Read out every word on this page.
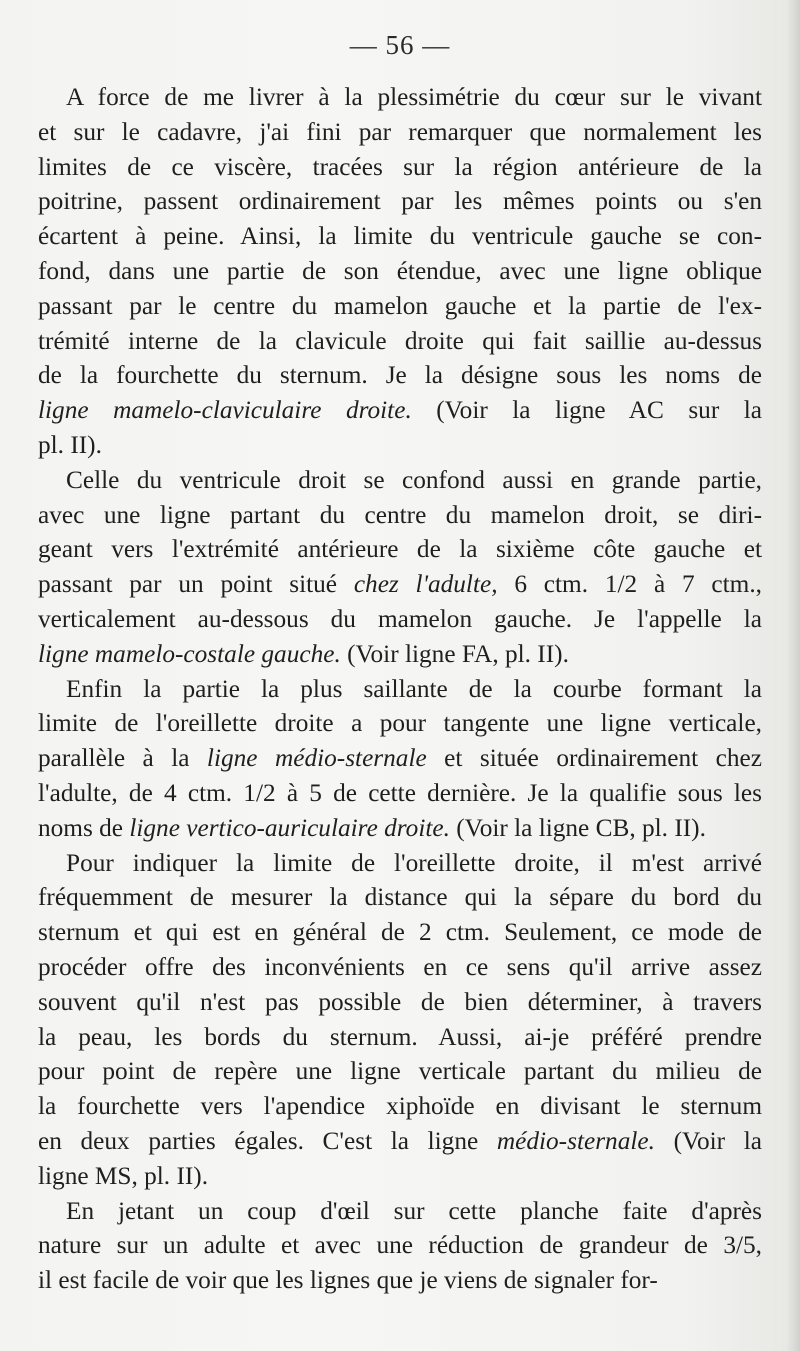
— 56 —
A force de me livrer à la plessimétrie du cœur sur le vivant
et sur le cadavre, j'ai fini par remarquer que normalement les
limites de ce viscère, tracées sur la région antérieure de la
poitrine, passent ordinairement par les mêmes points ou s'en
écartent à peine. Ainsi, la limite du ventricule gauche se con-
fond, dans une partie de son étendue, avec une ligne oblique
passant par le centre du mamelon gauche et la partie de l'ex-
trémité interne de la clavicule droite qui fait saillie au-dessus
de la fourchette du sternum. Je la désigne sous les noms de
ligne mamelo-claviculaire droite. (Voir la ligne AC sur la
pl. II).
Celle du ventricule droit se confond aussi en grande partie,
avec une ligne partant du centre du mamelon droit, se diri-
geant vers l'extrémité antérieure de la sixième côte gauche et
passant par un point situé chez l'adulte, 6 ctm. 1/2 à 7 ctm.,
verticalement au-dessous du mamelon gauche. Je l'appelle la
ligne mamelo-costale gauche. (Voir ligne FA, pl. II).
Enfin la partie la plus saillante de la courbe formant la
limite de l'oreillette droite a pour tangente une ligne verticale,
parallèle à la ligne médio-sternale et située ordinairement chez
l'adulte, de 4 ctm. 1/2 à 5 de cette dernière. Je la qualifie sous les
noms de ligne vertico-auriculaire droite. (Voir la ligne CB, pl. II).
Pour indiquer la limite de l'oreillette droite, il m'est arrivé
fréquemment de mesurer la distance qui la sépare du bord du
sternum et qui est en général de 2 ctm. Seulement, ce mode de
procéder offre des inconvénients en ce sens qu'il arrive assez
souvent qu'il n'est pas possible de bien déterminer, à travers
la peau, les bords du sternum. Aussi, ai-je préféré prendre
pour point de repère une ligne verticale partant du milieu de
la fourchette vers l'apendice xiphoïde en divisant le sternum
en deux parties égales. C'est la ligne médio-sternale. (Voir la
ligne MS, pl. II).
En jetant un coup d'œil sur cette planche faite d'après
nature sur un adulte et avec une réduction de grandeur de 3/5,
il est facile de voir que les lignes que je viens de signaler for-
